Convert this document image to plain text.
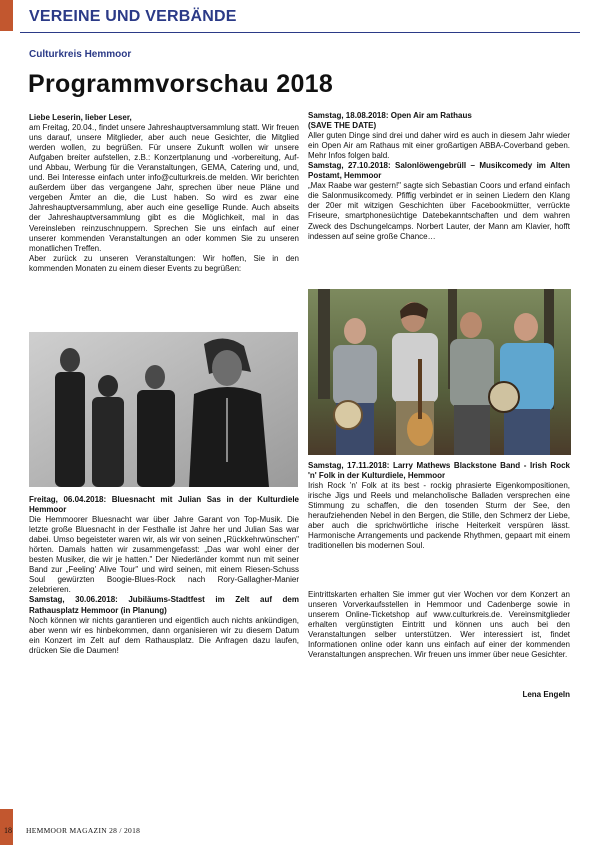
VEREINE UND VERBÄNDE
Culturkreis Hemmoor
Programmvorschau 2018

Liebe Leserin, lieber Leser,

am Freitag, 20.04., findet unsere Jahreshauptversammlung statt. Wir freuen uns darauf, unsere Mitglieder, aber auch neue Gesichter, die Mitglied werden wollen, zu begrüßen. Für unsere Zukunft wollen wir unsere Aufgaben breiter aufstellen, z.B.: Konzertplanung und -vorbereitung, Auf- und Abbau, Werbung für die Veranstaltungen, GEMA, Catering und, und, und. Bei Interesse einfach unter info@culturkreis.de melden. Wir berichten außerdem über das vergangene Jahr, sprechen über neue Pläne und vergeben Ämter an die, die Lust haben. So wird es zwar eine Jahreshauptversammlung, aber auch eine gesellige Runde. Auch abseits der Jahreshauptversammlung gibt es die Möglichkeit, mal in das Vereinsleben reinzuschnuppern. Sprechen Sie uns einfach auf einer unserer kommenden Veranstaltungen an oder kommen Sie zu unseren monatlichen Treffen.

Aber zurück zu unseren Veranstaltungen: Wir hoffen, Sie in den kommenden Monaten zu einem dieser Events zu begrüßen:

Freitag, 06.04.2018: Bluesnacht mit Julian Sas in der Kulturdiele Hemmoor

Die Hemmoorer Bluesnacht war über Jahre Garant von Top-Musik. Die letzte große Bluesnacht in der Festhalle ist Jahre her und Julian Sas war dabei. Umso begeisteter waren wir, als wir von seinen „Rückkehrwünschen" hörten. Damals hatten wir zusammengefasst: „Das war wohl einer der besten Musiker, die wir je hatten." Der Niederländer kommt nun mit seiner Band zur „Feeling' Alive Tour" und wird seinen, mit einem Riesen-Schuss Soul gewürzten Boogie-Blues-Rock nach Rory-Gallagher-Manier zelebrieren.

Samstag, 30.06.2018: Jubiläums-Stadtfest im Zelt auf dem Rathausplatz Hemmoor (in Planung)

Noch können wir nichts garantieren und eigentlich auch nichts ankündigen, aber wenn wir es hinbekommen, dann organisieren wir zu diesem Datum ein Konzert im Zelt auf dem Rathausplatz. Die Anfragen dazu laufen, drücken Sie die Daumen!

Samstag, 18.08.2018: Open Air am Rathaus

(SAVE THE DATE)

Aller guten Dinge sind drei und daher wird es auch in diesem Jahr wieder ein Open Air am Rathaus mit einer großartigen ABBA-Coverband geben. Mehr Infos folgen bald.

Samstag, 27.10.2018: Salonlöwengebrüll – Musikcomedy im Alten Postamt, Hemmoor

„Max Raabe war gestern!" sagte sich Sebastian Coors und erfand einfach die Salonmusikcomedy. Pfiffig verbindet er in seinen Liedern den Klang der 20er mit witzigen Geschichten über Facebookmütter, verrückte Friseure, smartphonesüchtige Datebekanntschaften und dem wahren Zweck des Dschungelcamps. Norbert Lauter, der Mann am Klavier, hofft indessen auf seine große Chance…

Samstag, 17.11.2018: Larry Mathews Blackstone Band - Irish Rock 'n' Folk in der Kulturdiele, Hemmoor

Irish Rock 'n' Folk at its best - rockig phrasierte Eigenkompositionen, irische Jigs und Reels und melancholische Balladen versprechen eine Stimmung zu schaffen, die den tosenden Sturm der See, den heraufziehenden Nebel in den Bergen, die Stille, den Schmerz der Liebe, aber auch die sprichwörtliche irische Heiterkeit verspüren lässt. Harmonische Arrangements und packende Rhythmen, gepaart mit einem traditionellen bis modernen Soul.

Eintrittskarten erhalten Sie immer gut vier Wochen vor dem Konzert an unseren Vorverkaufsstellen in Hemmoor und Cadenberge sowie in unserem Online-Ticketshop auf www.culturkreis.de. Vereinsmitglieder erhalten vergünstigten Eintritt und können uns auch bei den Veranstaltungen selber unterstützen. Wer interessiert ist, findet Informationen online oder kann uns einfach auf einer der kommenden Veranstaltungen ansprechen. Wir freuen uns immer über neue Gesichter.

Lena Engeln
18 HEMMOOR MAGAZIN 28 / 2018
